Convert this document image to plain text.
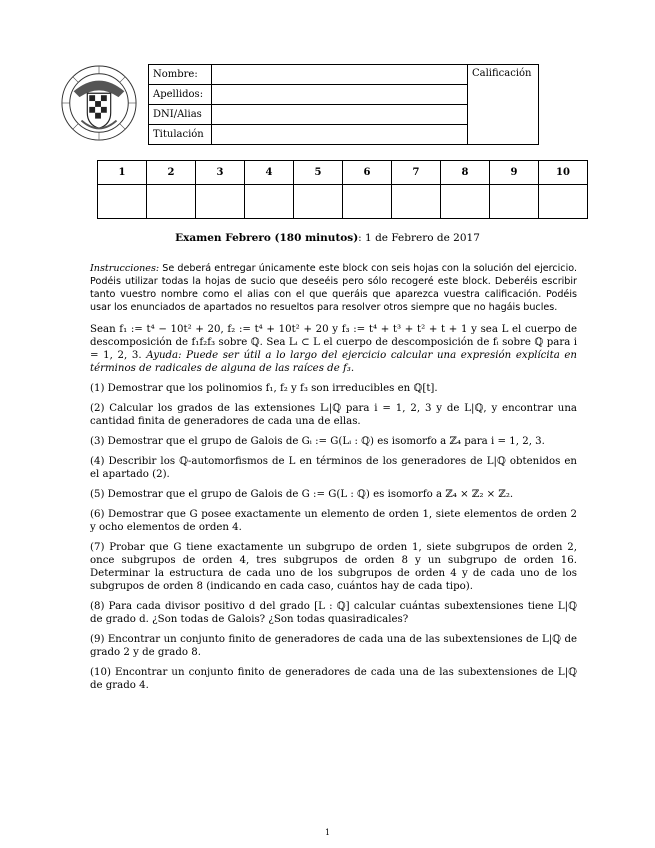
Nombre:		Calificación
Apellidos:		
DNI/Alias		
Titulación		
1	2	3	4	5	6	7	8	9	10

Examen Febrero (180 minutos): 1 de Febrero de 2017

Instrucciones: Se deberá entregar únicamente este block con seis hojas con la solución del ejercicio. Podéis utilizar todas la hojas de sucio que deseéis pero sólo recogeré este block. Deberéis escribir tanto vuestro nombre como el alias con el que queráis que aparezca vuestra calificación. Podéis usar los enunciados de apartados no resueltos para resolver otros siempre que no hagáis bucles.

Sean f₁ := t⁴ − 10t² + 20, f₂ := t⁴ + 10t² + 20 y f₃ := t⁴ + t³ + t² + t + 1 y sea L el cuerpo de descomposición de f₁f₂f₃ sobre ℚ. Sea Lᵢ ⊂ L el cuerpo de descomposición de fᵢ sobre ℚ para i = 1, 2, 3. Ayuda: Puede ser útil a lo largo del ejercicio calcular una expresión explícita en términos de radicales de alguna de las raíces de f₃.

(1) Demostrar que los polinomios f₁, f₂ y f₃ son irreducibles en ℚ[t].

(2) Calcular los grados de las extensiones Lᵢ|ℚ para i = 1, 2, 3 y de L|ℚ, y encontrar una cantidad finita de generadores de cada una de ellas.

(3) Demostrar que el grupo de Galois de Gᵢ := G(Lᵢ : ℚ) es isomorfo a ℤ₄ para i = 1, 2, 3.

(4) Describir los ℚ-automorfismos de L en términos de los generadores de L|ℚ obtenidos en el apartado (2).

(5) Demostrar que el grupo de Galois de G := G(L : ℚ) es isomorfo a ℤ₄ × ℤ₂ × ℤ₂.

(6) Demostrar que G posee exactamente un elemento de orden 1, siete elementos de orden 2 y ocho elementos de orden 4.

(7) Probar que G tiene exactamente un subgrupo de orden 1, siete subgrupos de orden 2, once subgrupos de orden 4, tres subgrupos de orden 8 y un subgrupo de orden 16. Determinar la estructura de cada uno de los subgrupos de orden 4 y de cada uno de los subgrupos de orden 8 (indicando en cada caso, cuántos hay de cada tipo).

(8) Para cada divisor positivo d del grado [L : ℚ] calcular cuántas subextensiones tiene L|ℚ de grado d. ¿Son todas de Galois? ¿Son todas quasiradicales?

(9) Encontrar un conjunto finito de generadores de cada una de las subextensiones de L|ℚ de grado 2 y de grado 8.

(10) Encontrar un conjunto finito de generadores de cada una de las subextensiones de L|ℚ de grado 4.

1
